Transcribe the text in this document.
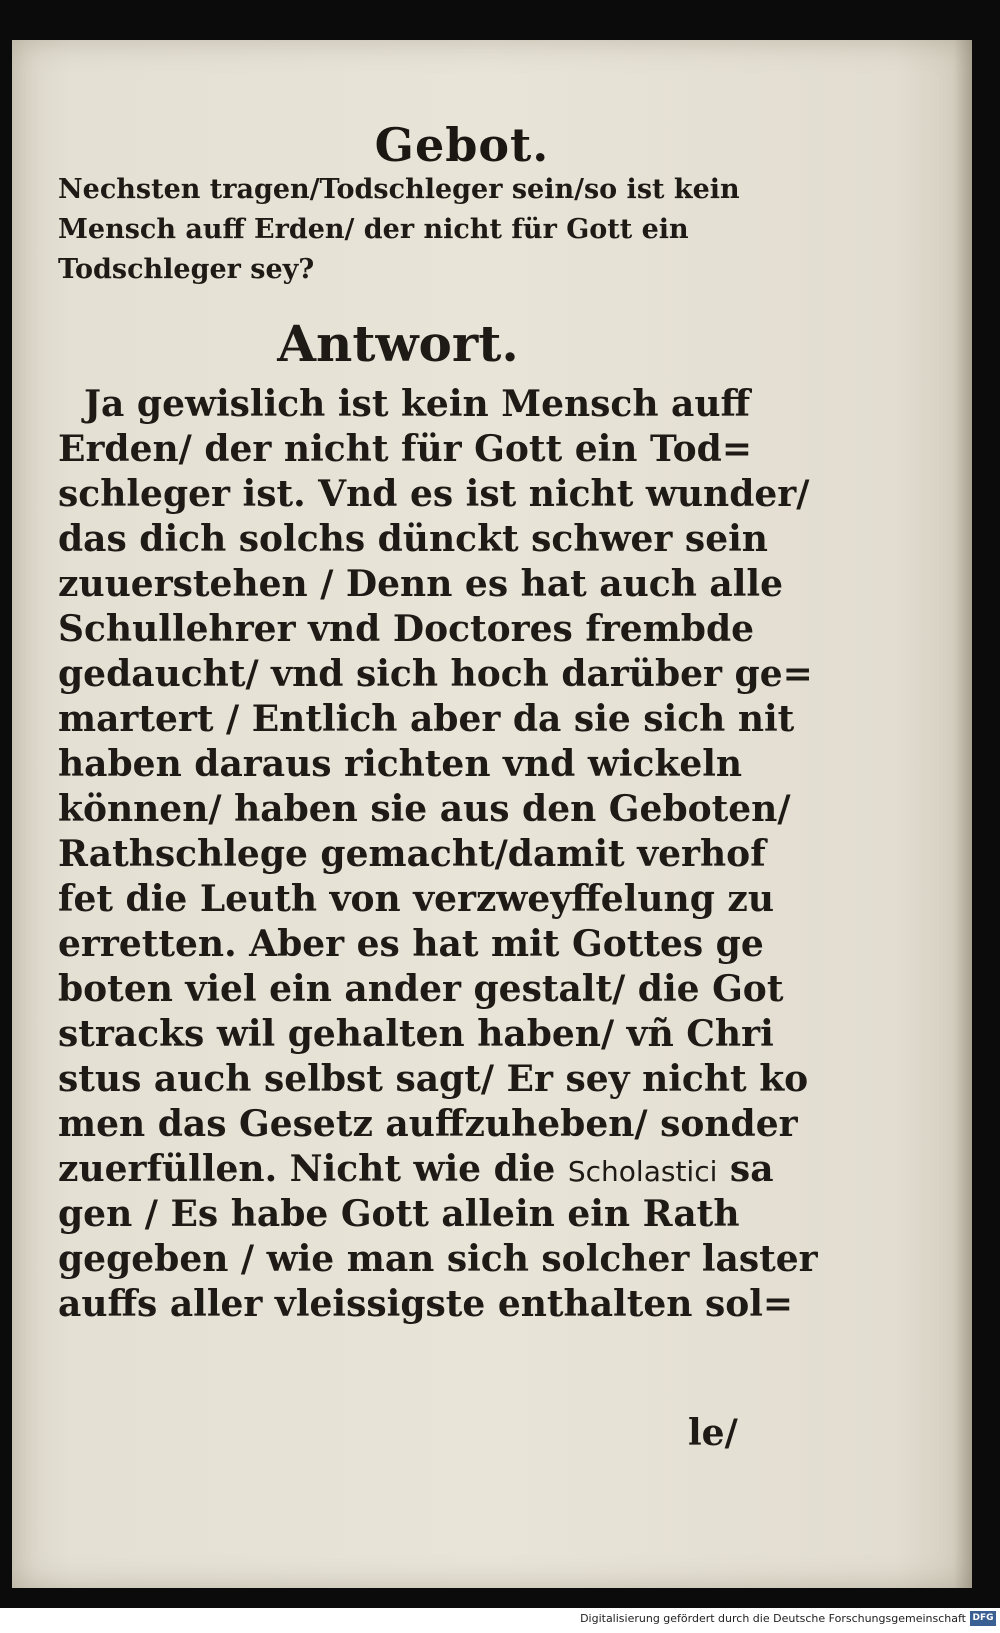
Gebot.
Nechsten tragen/Todschleger sein/so ist kein
Mensch auff Erden/ der nicht für Gott ein
Todschleger sey?
Antwort.
Ja gewislich ist kein Mensch auff
Erden/ der nicht für Gott ein Tod=
schleger ist. Vnd es ist nicht wunder/
das dich solchs dünckt schwer sein
zuuerstehen / Denn es hat auch alle
Schullehrer vnd Doctores frembde
gedaucht/ vnd sich hoch darüber ge=
martert / Entlich aber da sie sich nit
haben daraus richten vnd wickeln
können/ haben sie aus den Geboten/
Rathschlege gemacht/damit verhof
fet die Leuth von verzweyffelung zu
erretten. Aber es hat mit Gottes ge
boten viel ein ander gestalt/ die Got
stracks wil gehalten haben/ vñ Chri
stus auch selbst sagt/ Er sey nicht ko
men das Gesetz auffzuheben/ sonder
zuerfüllen. Nicht wie die Scholastici sa
gen / Es habe Gott allein ein Rath
gegeben / wie man sich solcher laster
auffs aller vleissigste enthalten sol=
le/
Digitalisierung gefördert durch die Deutsche Forschungsgemeinschaft DFG
